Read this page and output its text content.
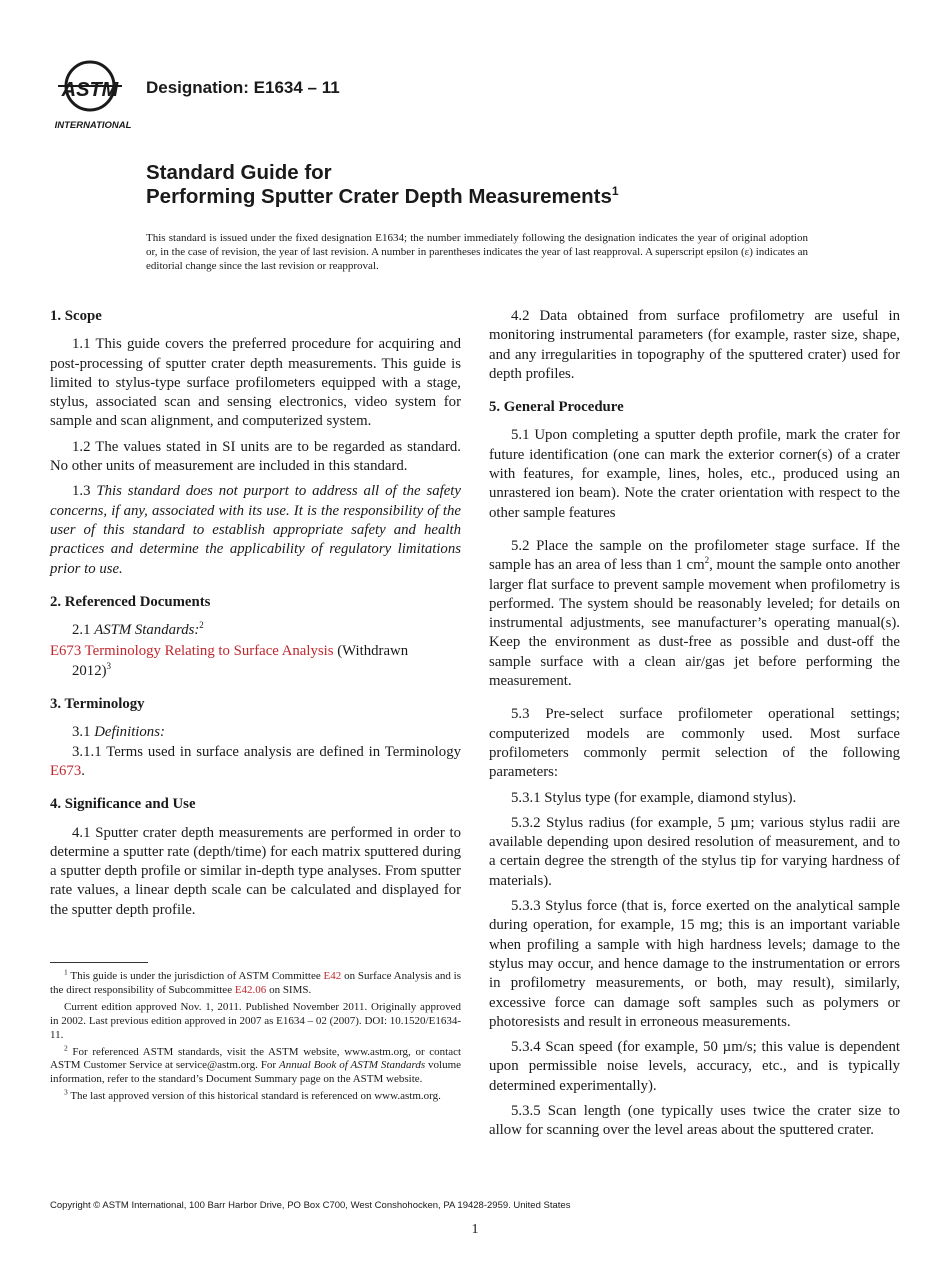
ASTM
INTERNATIONAL
Designation: E1634 – 11
Standard Guide for
Performing Sputter Crater Depth Measurements$^1$
This standard is issued under the fixed designation E1634; the number immediately following the designation indicates the year of original adoption or, in the case of revision, the year of last revision. A number in parentheses indicates the year of last reapproval. A superscript epsilon (ε) indicates an editorial change since the last revision or reapproval.
1. Scope

1.1 This guide covers the preferred procedure for acquiring and post-processing of sputter crater depth measurements. This guide is limited to stylus-type surface profilometers equipped with a stage, stylus, associated scan and sensing electronics, video system for sample and scan alignment, and computerized system.

1.2 The values stated in SI units are to be regarded as standard. No other units of measurement are included in this standard.

1.3 This standard does not purport to address all of the safety concerns, if any, associated with its use. It is the responsibility of the user of this standard to establish appropriate safety and health practices and determine the applicability of regulatory limitations prior to use.

2. Referenced Documents

2.1 ASTM Standards:$^2$

E673 Terminology Relating to Surface Analysis (Withdrawn
2012)$^3$

3. Terminology

3.1 Definitions:

3.1.1 Terms used in surface analysis are defined in Terminology E673.

4. Significance and Use

4.1 Sputter crater depth measurements are performed in order to determine a sputter rate (depth/time) for each matrix sputtered during a sputter depth profile or similar in-depth type analyses. From sputter rate values, a linear depth scale can be calculated and displayed for the sputter depth profile.

$^1$ This guide is under the jurisdiction of ASTM Committee E42 on Surface Analysis and is the direct responsibility of Subcommittee E42.06 on SIMS.

Current edition approved Nov. 1, 2011. Published November 2011. Originally approved in 2002. Last previous edition approved in 2007 as E1634 – 02 (2007). DOI: 10.1520/E1634-11.

$^2$ For referenced ASTM standards, visit the ASTM website, www.astm.org, or contact ASTM Customer Service at service@astm.org. For Annual Book of ASTM Standards volume information, refer to the standard’s Document Summary page on the ASTM website.

$^3$ The last approved version of this historical standard is referenced on www.astm.org.

4.2 Data obtained from surface profilometry are useful in monitoring instrumental parameters (for example, raster size, shape, and any irregularities in topography of the sputtered crater) used for depth profiles.

5. General Procedure

5.1 Upon completing a sputter depth profile, mark the crater for future identification (one can mark the exterior corner(s) of a crater with features, for example, lines, holes, etc., produced using an unrastered ion beam). Note the crater orientation with respect to the other sample features

5.2 Place the sample on the profilometer stage surface. If the sample has an area of less than 1 $cm^2$, mount the sample onto another larger flat surface to prevent sample movement when profilometry is performed. The system should be reasonably leveled; for details on instrumental adjustments, see manufacturer’s operating manual(s). Keep the environment as dust-free as possible and dust-off the sample surface with a clean air/gas jet before performing the measurement.

5.3 Pre-select surface profilometer operational settings; computerized models are commonly used. Most surface profilometers commonly permit selection of the following parameters:

5.3.1 Stylus type (for example, diamond stylus).

5.3.2 Stylus radius (for example, 5 µm; various stylus radii are available depending upon desired resolution of measurement, and to a certain degree the strength of the stylus tip for varying hardness of materials).

5.3.3 Stylus force (that is, force exerted on the analytical sample during operation, for example, 15 mg; this is an important variable when profiling a sample with high hardness levels; damage to the stylus may occur, and hence damage to the instrumentation or errors in profilometry measurements, or both, may result), similarly, excessive force can damage soft samples such as polymers or photoresists and result in erroneous measurements.

5.3.4 Scan speed (for example, 50 µm/s; this value is dependent upon permissible noise levels, accuracy, etc., and is typically determined experimentally).

5.3.5 Scan length (one typically uses twice the crater size to allow for scanning over the level areas about the sputtered crater.

Copyright © ASTM International, 100 Barr Harbor Drive, PO Box C700, West Conshohocken, PA 19428-2959. United States
1
